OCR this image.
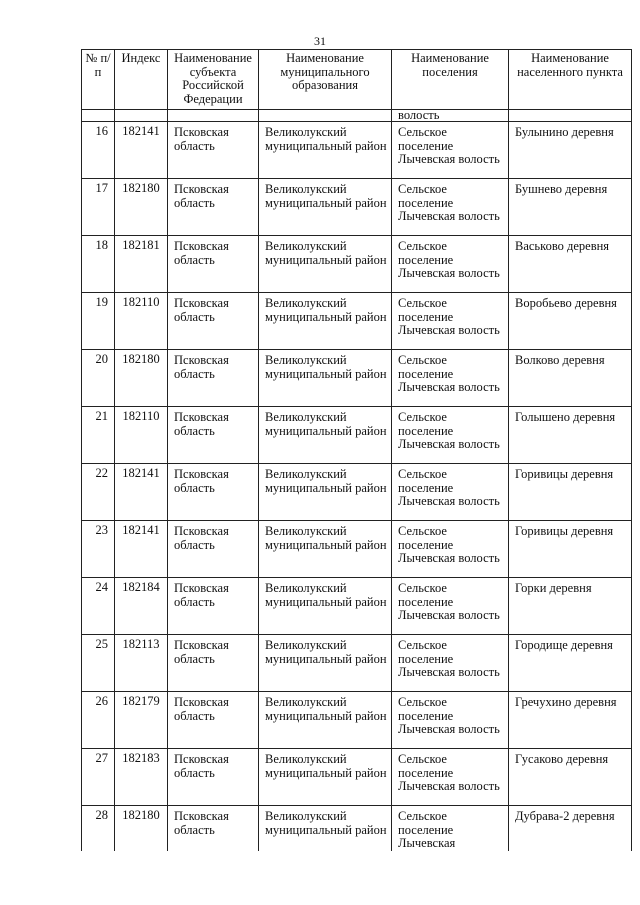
31
№ п/п	Индекс	Наименование субъекта Российской Федерации	Наименование муниципального образования	Наименование поселения	Наименование населенного пункта
				волость	
16	182141	Псковская область	Великолукский муниципальный район	Сельское поселение Лычевская волость	Булынино деревня
17	182180	Псковская область	Великолукский муниципальный район	Сельское поселение Лычевская волость	Бушнево деревня
18	182181	Псковская область	Великолукский муниципальный район	Сельское поселение Лычевская волость	Васьково деревня
19	182110	Псковская область	Великолукский муниципальный район	Сельское поселение Лычевская волость	Воробьево деревня
20	182180	Псковская область	Великолукский муниципальный район	Сельское поселение Лычевская волость	Волково деревня
21	182110	Псковская область	Великолукский муниципальный район	Сельское поселение Лычевская волость	Голышено деревня
22	182141	Псковская область	Великолукский муниципальный район	Сельское поселение Лычевская волость	Горивицы деревня
23	182141	Псковская область	Великолукский муниципальный район	Сельское поселение Лычевская волость	Горивицы деревня
24	182184	Псковская область	Великолукский муниципальный район	Сельское поселение Лычевская волость	Горки деревня
25	182113	Псковская область	Великолукский муниципальный район	Сельское поселение Лычевская волость	Городище деревня
26	182179	Псковская область	Великолукский муниципальный район	Сельское поселение Лычевская волость	Гречухино деревня
27	182183	Псковская область	Великолукский муниципальный район	Сельское поселение Лычевская волость	Гусаково деревня
28	182180	Псковская область	Великолукский муниципальный район	Сельское поселение Лычевская	Дубрава-2 деревня
